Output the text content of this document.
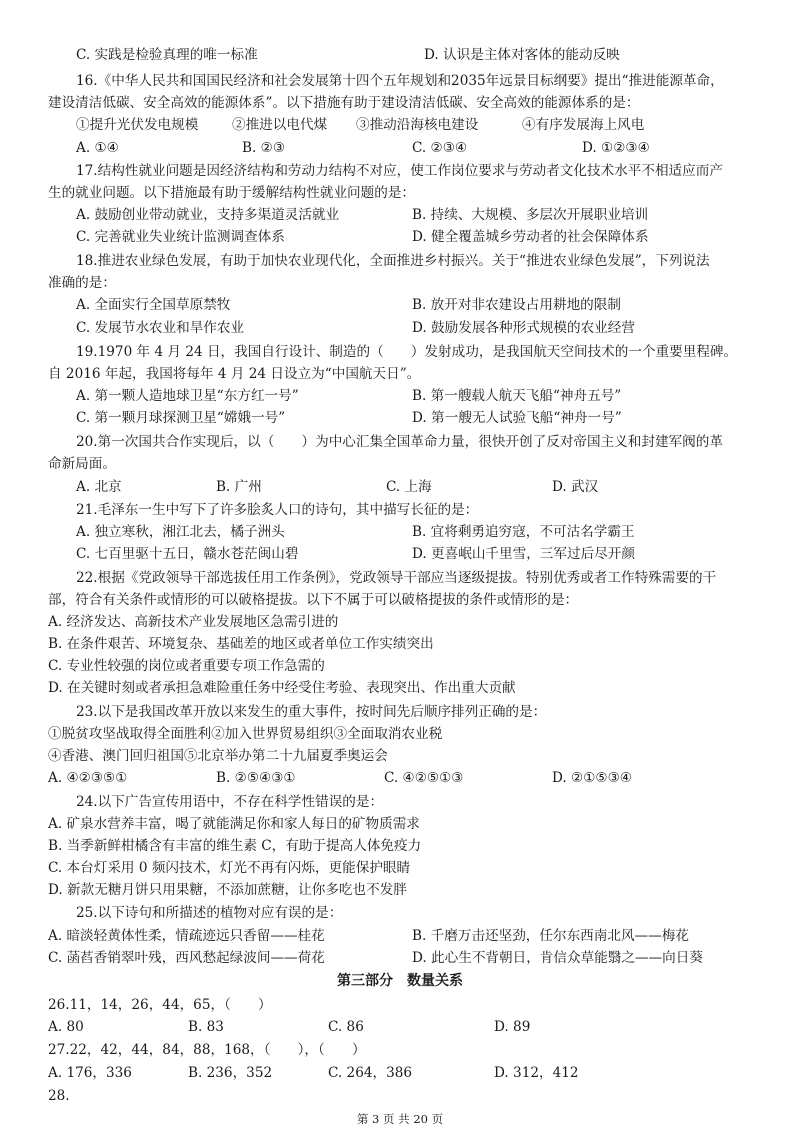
C. 实践是检验真理的唯一标准	D. 认识是主体对客体的能动反映
16.《中华人民共和国国民经济和社会发展第十四个五年规划和2035年远景目标纲要》提出“推进能源革命，
建设清洁低碳、安全高效的能源体系”。以下措施有助于建设清洁低碳、安全高效的能源体系的是：
①提升光伏发电规模 ②推进以电代煤 ③推动沿海核电建设	④有序发展海上风电
A. ①④	B. ②③	C. ②③④	D. ①②③④
17.结构性就业问题是因经济结构和劳动力结构不对应，使工作岗位要求与劳动者文化技术水平不相适应而产
生的就业问题。以下措施最有助于缓解结构性就业问题的是：
A. 鼓励创业带动就业，支持多渠道灵活就业	B. 持续、大规模、多层次开展职业培训
C. 完善就业失业统计监测调查体系	D. 健全覆盖城乡劳动者的社会保障体系
18.推进农业绿色发展，有助于加快农业现代化，全面推进乡村振兴。关于“推进农业绿色发展”，下列说法
准确的是：
A. 全面实行全国草原禁牧	B. 放开对非农建设占用耕地的限制
C. 发展节水农业和旱作农业	D. 鼓励发展各种形式规模的农业经营
19.1970 年 4 月 24 日，我国自行设计、制造的（　　）发射成功，是我国航天空间技术的一个重要里程碑。
自 2016 年起，我国将每年 4 月 24 日设立为“中国航天日”。
A. 第一颗人造地球卫星“东方红一号”	B. 第一艘载人航天飞船“神舟五号”
C. 第一颗月球探测卫星“嫦娥一号”	D. 第一艘无人试验飞船“神舟一号”
20.第一次国共合作实现后，以（　　）为中心汇集全国革命力量，很快开创了反对帝国主义和封建军阀的革
命新局面。
A. 北京	B. 广州	C. 上海	D. 武汉
21.毛泽东一生中写下了许多脍炙人口的诗句，其中描写长征的是：
A. 独立寒秋，湘江北去，橘子洲头	B. 宜将剩勇追穷寇，不可沽名学霸王
C. 七百里驱十五日，赣水苍茫闽山碧	D. 更喜岷山千里雪，三军过后尽开颜
22.根据《党政领导干部选拔任用工作条例》，党政领导干部应当逐级提拔。特别优秀或者工作特殊需要的干
部，符合有关条件或情形的可以破格提拔。以下不属于可以破格提拔的条件或情形的是：
A. 经济发达、高新技术产业发展地区急需引进的
B. 在条件艰苦、环境复杂、基础差的地区或者单位工作实绩突出
C. 专业性较强的岗位或者重要专项工作急需的
D. 在关键时刻或者承担急难险重任务中经受住考验、表现突出、作出重大贡献
23.以下是我国改革开放以来发生的重大事件，按时间先后顺序排列正确的是：
①脱贫攻坚战取得全面胜利②加入世界贸易组织③全面取消农业税
④香港、澳门回归祖国⑤北京举办第二十九届夏季奥运会
A. ④②③⑤①	B. ②⑤④③①	C. ④②⑤①③	D. ②①⑤③④
24.以下广告宣传用语中，不存在科学性错误的是：
A. 矿泉水营养丰富，喝了就能满足你和家人每日的矿物质需求
B. 当季新鲜柑橘含有丰富的维生素 C，有助于提高人体免疫力
C. 本台灯采用 0 频闪技术，灯光不再有闪烁，更能保护眼睛
D. 新款无糖月饼只用果糖，不添加蔗糖，让你多吃也不发胖
25.以下诗句和所描述的植物对应有误的是：
A. 暗淡轻黄体性柔，情疏迹远只香留——桂花	B. 千磨万击还坚劲，任尔东西南北风——梅花
C. 菡萏香销翠叶残，西风愁起绿波间——荷花	D. 此心生不背朝日，肯信众草能翳之——向日葵
第三部分　数量关系
26.11，14，26，44，65，（　　）
A. 80	B. 83	C. 86	D. 89
27.22，42，44，84，88，168，（　　），（　　）
A. 176，336	B. 236，352	C. 264，386	D. 312，412
28.
第 3 页 共 20 页
